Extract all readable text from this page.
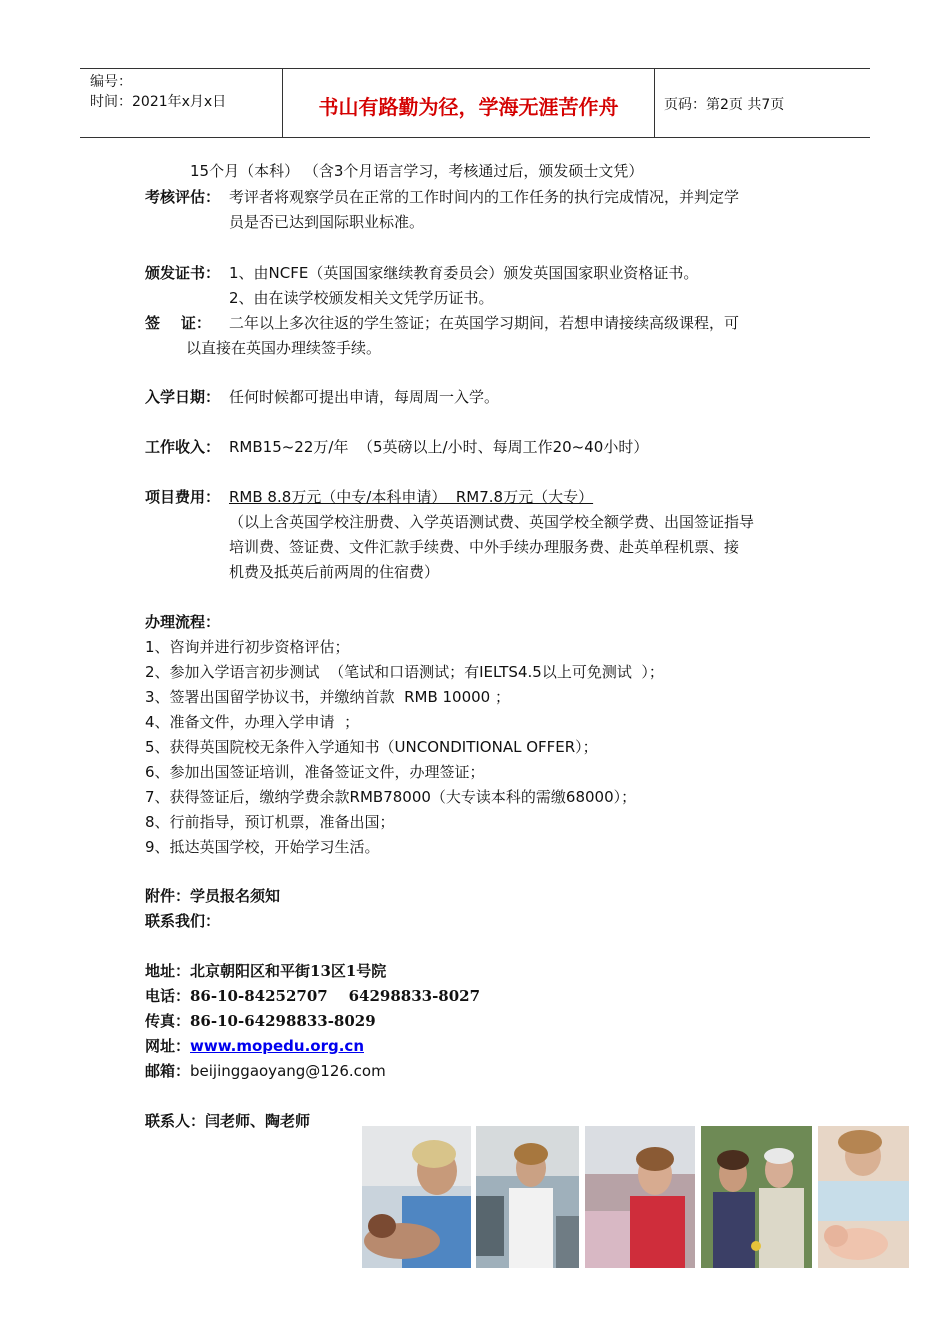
编号：
时间：2021年x月x日	书山有路勤为径，学海无涯苦作舟	页码：第2页 共7页
15个月（本科） （含3个月语言学习，考核通过后，颁发硕士文凭）
考核评估： 考评者将观察学员在正常的工作时间内的工作任务的执行完成情况，并判定学
员是否已达到国际职业标准。
颁发证书： 1、由NCFE（英国国家继续教育委员会）颁发英国国家职业资格证书。
2、由在读学校颁发相关文凭学历证书。
签    证： 二年以上多次往返的学生签证；在英国学习期间，若想申请接续高级课程，可
以直接在英国办理续签手续。
入学日期： 任何时候都可提出申请，每周周一入学。
工作收入： RMB15~22万/年  （5英磅以上/小时、每周工作20~40小时）
项目费用： RMB 8.8万元（中专/本科申请）  RM7.8万元（大专）
（以上含英国学校注册费、入学英语测试费、英国学校全额学费、出国签证指导
培训费、签证费、文件汇款手续费、中外手续办理服务费、赴英单程机票、接
机费及抵英后前两周的住宿费）
办理流程：
1、咨询并进行初步资格评估；
2、参加入学语言初步测试  （笔试和口语测试；有IELTS4.5以上可免测试  ）；
3、签署出国留学协议书，并缴纳首款  RMB 10000 ；
4、准备文件，办理入学申请  ；
5、获得英国院校无条件入学通知书（UNCONDITIONAL OFFER）；
6、参加出国签证培训，准备签证文件，办理签证；
7、获得签证后，缴纳学费余款RMB78000（大专读本科的需缴68000）；
8、行前指导，预订机票，准备出国；
9、抵达英国学校，开始学习生活。
附件：学员报名须知
联系我们：
地址：北京朝阳区和平街13区1号院
电话：86-10-84252707    64298833-8027
传真：86-10-64298833-8029
网址：www.mopedu.org.cn
邮箱：beijinggaoyang@126.com
联系人：闫老师、陶老师
